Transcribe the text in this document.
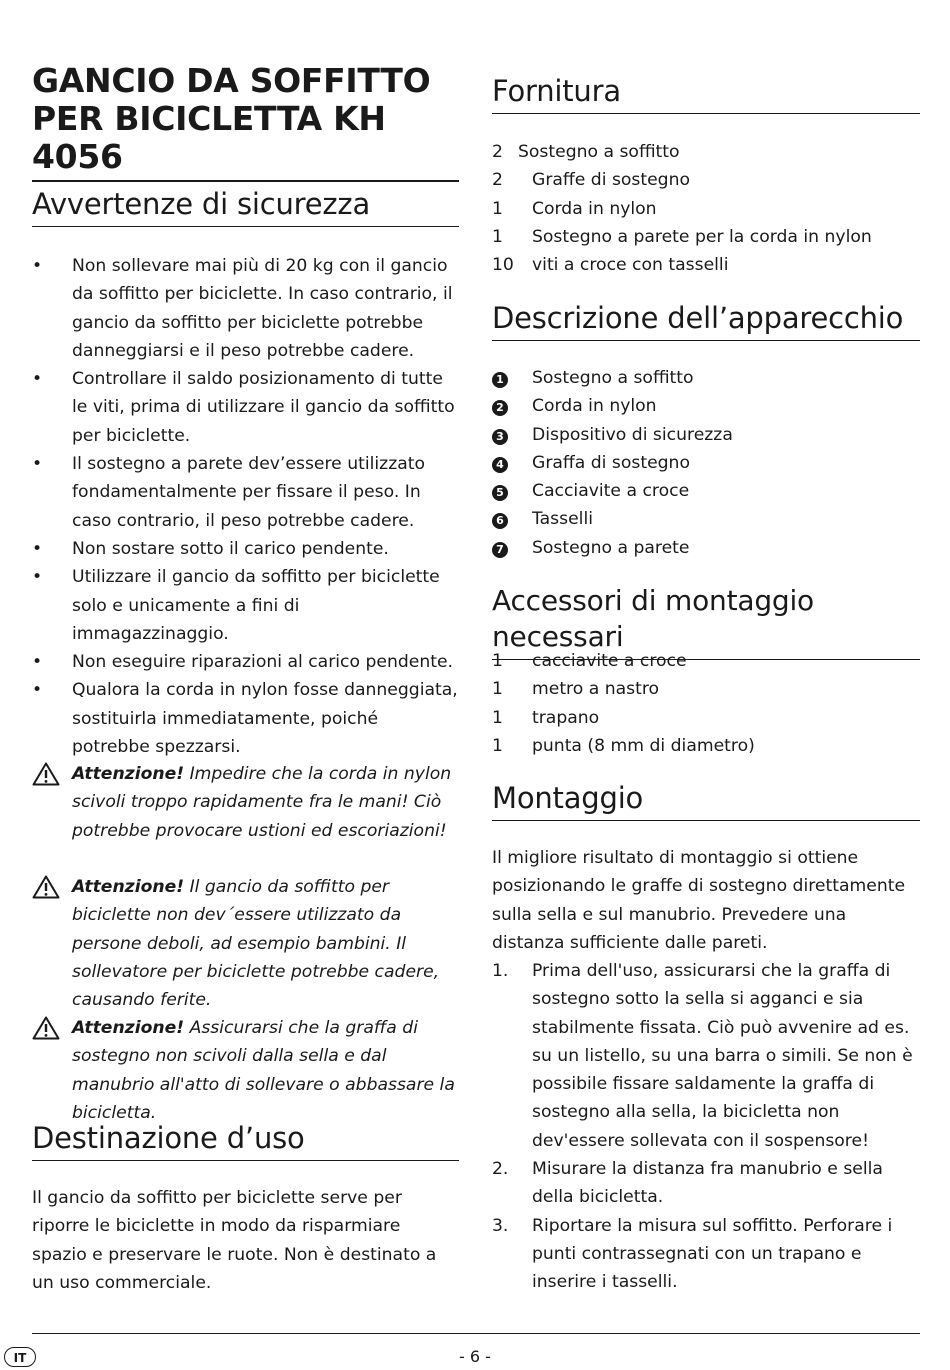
GANCIO DA SOFFITTO PER BICICLETTA KH 4056
Avvertenze di sicurezza
• Non sollevare mai più di 20 kg con il gancio da soffitto per biciclette. In caso contrario, il gancio da soffitto per biciclette potrebbe danneggiarsi e il peso potrebbe cadere.
• Controllare il saldo posizionamento di tutte le viti, prima di utilizzare il gancio da soffitto per biciclette.
• Il sostegno a parete dev’essere utilizzato fondamentalmente per fissare il peso. In caso contrario, il peso potrebbe cadere.
• Non sostare sotto il carico pendente.
• Utilizzare il gancio da soffitto per biciclette solo e unicamente a fini di immagazzinaggio.
• Non eseguire riparazioni al carico pendente.
• Qualora la corda in nylon fosse danneggiata, sostituirla immediatamente, poiché potrebbe spezzarsi.
Attenzione! Impedire che la corda in nylon scivoli troppo rapidamente fra le mani! Ciò potrebbe provocare ustioni ed escoriazioni!
Attenzione! Il gancio da soffitto per biciclette non dev´essere utilizzato da persone deboli, ad esempio bambini. Il sollevatore per biciclette potrebbe cadere, causando ferite.
Attenzione! Assicurarsi che la graffa di sostegno non scivoli dalla sella e dal manubrio all'atto di sollevare o abbassare la bicicletta.
Destinazione d’uso
Il gancio da soffitto per biciclette serve per riporre le biciclette in modo da risparmiare spazio e preservare le ruote. Non è destinato a un uso commerciale.
Fornitura
2 Sostegno a soffitto
2	Graffe di sostegno
1	Corda in nylon
1	Sostegno a parete per la corda in nylon
10	viti a croce con tasselli
Descrizione dell’apparecchio
1	Sostegno a soffitto
2	Corda in nylon
3	Dispositivo di sicurezza
4	Graffa di sostegno
5	Cacciavite a croce
6	Tasselli
7	Sostegno a parete
Accessori di montaggio necessari
1	cacciavite a croce
1	metro a nastro
1	trapano
1	punta (8 mm di diametro)
Montaggio
Il migliore risultato di montaggio si ottiene posizionando le graffe di sostegno direttamente sulla sella e sul manubrio. Prevedere una distanza sufficiente dalle pareti.
1.	Prima dell'uso, assicurarsi che la graffa di sostegno sotto la sella si agganci e sia stabilmente fissata. Ciò può avvenire ad es. su un listello, su una barra o simili. Se non è possibile fissare saldamente la graffa di sostegno alla sella, la bicicletta non dev'essere sollevata con il sospensore!
2.	Misurare la distanza fra manubrio e sella della bicicletta.
3.	Riportare la misura sul soffitto. Perforare i punti contrassegnati con un trapano e inserire i tasselli.
IT	- 6 -
